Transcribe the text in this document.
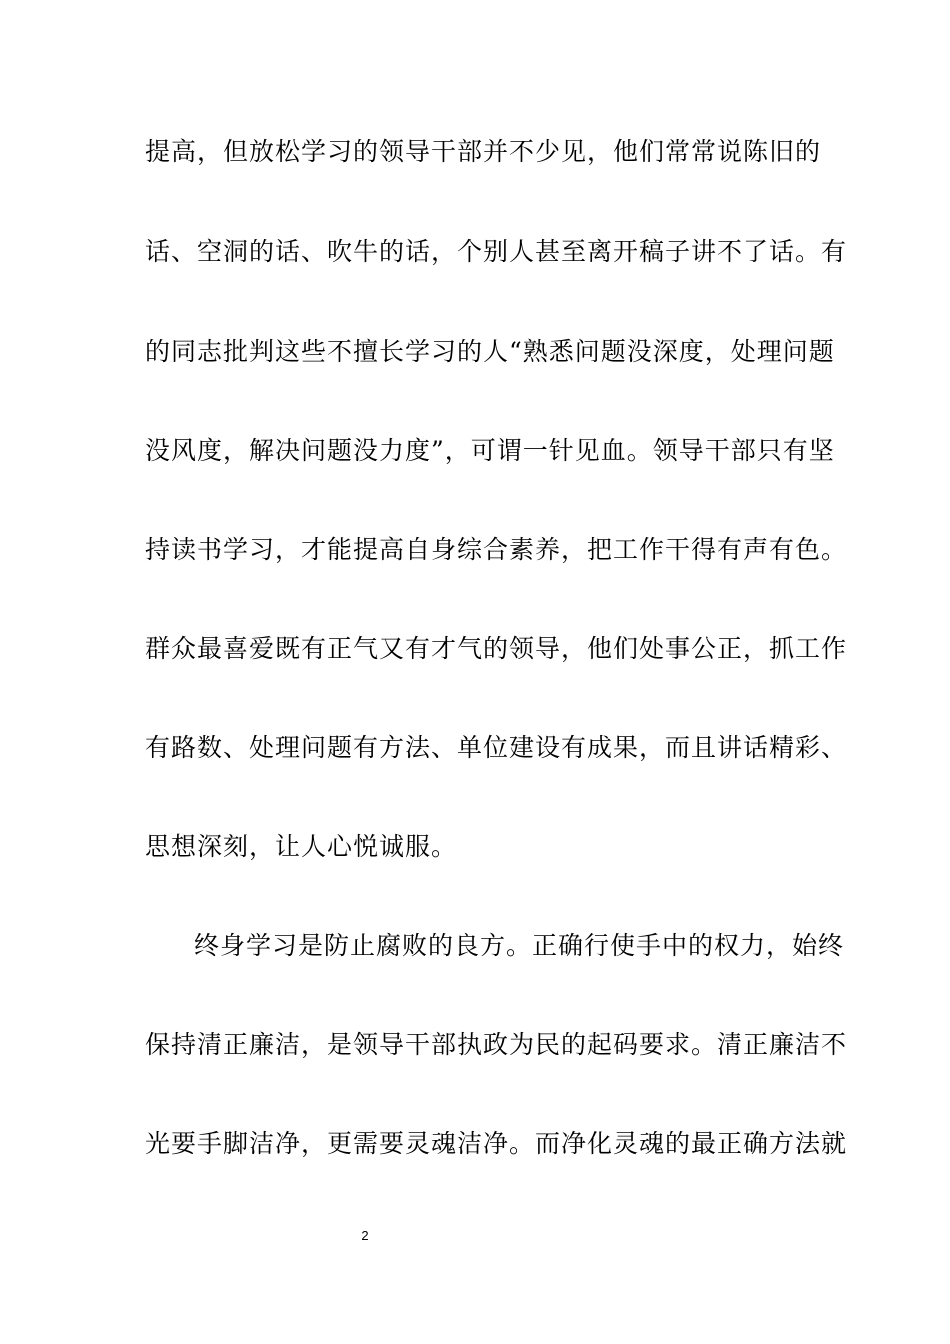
提高，但放松学习的领导干部并不少见，他们常常说陈旧的
话、空洞的话、吹牛的话，个别人甚至离开稿子讲不了话。有
的同志批判这些不擅长学习的人“熟悉问题没深度，处理问题
没风度，解决问题没力度”，可谓一针见血。领导干部只有坚
持读书学习，才能提高自身综合素养，把工作干得有声有色。
群众最喜爱既有正气又有才气的领导，他们处事公正，抓工作
有路数、处理问题有方法、单位建设有成果，而且讲话精彩、
思想深刻，让人心悦诚服。
终身学习是防止腐败的良方。正确行使手中的权力，始终
保持清正廉洁，是领导干部执政为民的起码要求。清正廉洁不
光要手脚洁净，更需要灵魂洁净。而净化灵魂的最正确方法就
2
